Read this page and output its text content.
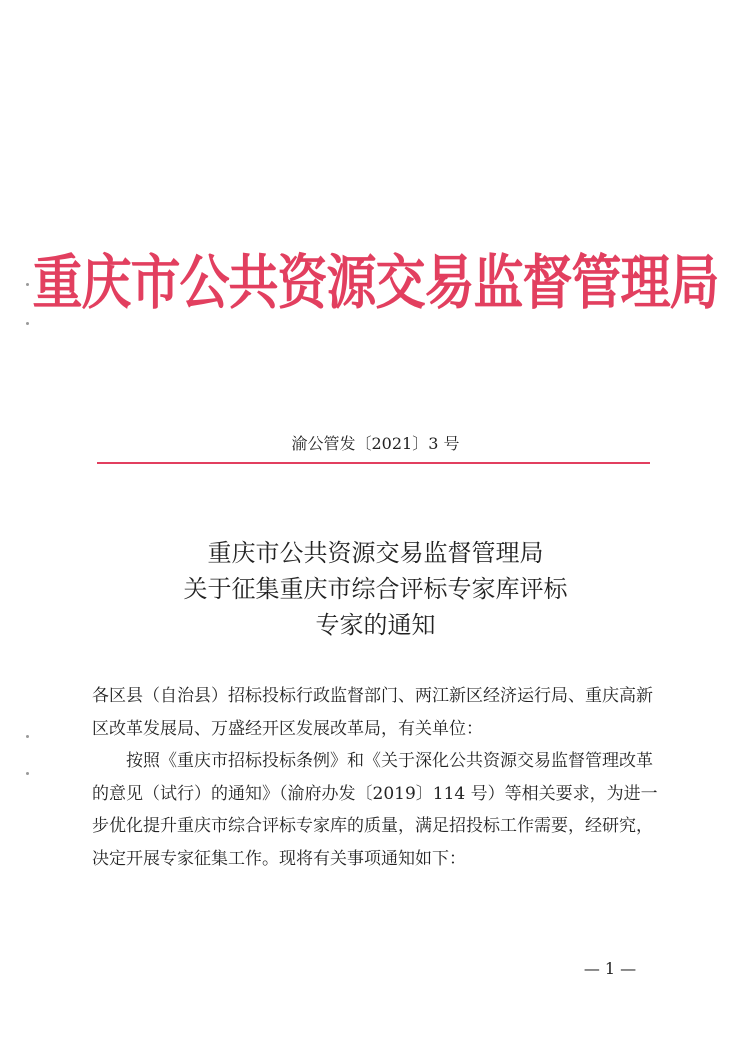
重庆市公共资源交易监督管理局
渝公管发〔2021〕3 号
重庆市公共资源交易监督管理局
关于征集重庆市综合评标专家库评标
专家的通知

各区县（自治县）招标投标行政监督部门、两江新区经济运行局、重庆高新区改革发展局、万盛经开区发展改革局，有关单位：

按照《重庆市招标投标条例》和《关于深化公共资源交易监督管理改革的意见（试行）的通知》（渝府办发〔2019〕114 号）等相关要求，为进一步优化提升重庆市综合评标专家库的质量，满足招投标工作需要，经研究，决定开展专家征集工作。现将有关事项通知如下：

— 1 —
